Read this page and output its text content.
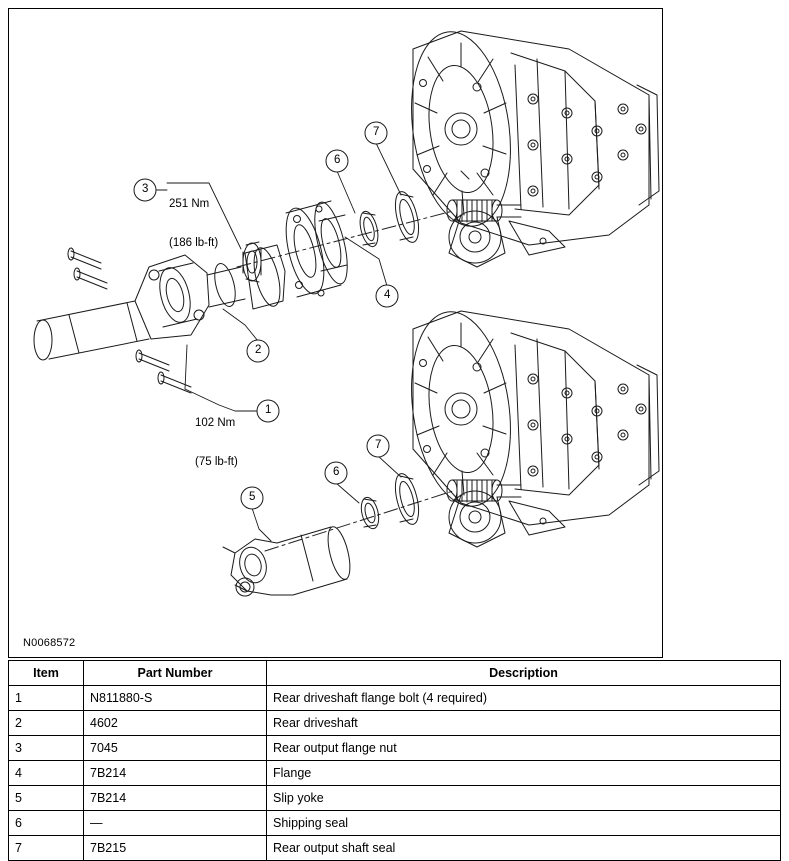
1
2
3
4
5
6
7
6
7

251 Nm

(186 lb-ft)

102 Nm

(75 lb-ft)

N0068572
Item	Part Number	Description
1	N811880-S	Rear driveshaft flange bolt (4 required)
2	4602	Rear driveshaft
3	7045	Rear output flange nut
4	7B214	Flange
5	7B214	Slip yoke
6	—	Shipping seal
7	7B215	Rear output shaft seal
